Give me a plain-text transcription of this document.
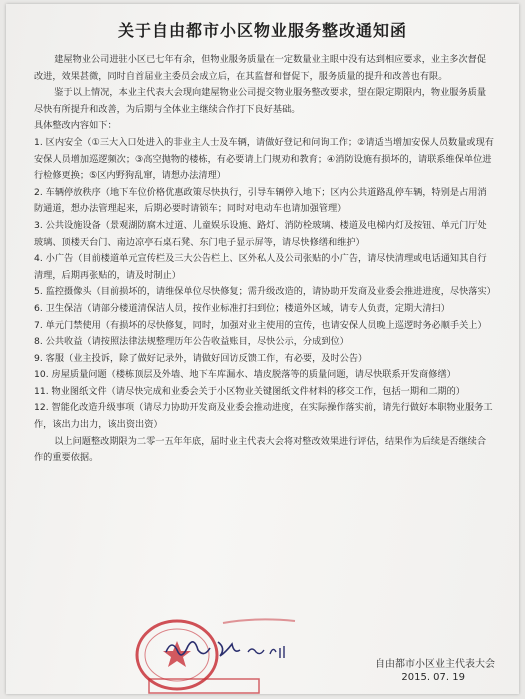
关于自由都市小区物业服务整改通知函

建屋物业公司进驻小区已七年有余，但物业服务质量在一定数量业主眼中没有达到相应要求，业主多次督促改进，效果甚微，同时自首届业主委员会成立后，在其监督和督促下，服务质量的提升和改善也有限。

鉴于以上情况，本业主代表大会现向建屋物业公司提交物业服务整改要求，望在限定期限内，物业服务质量尽快有所提升和改善，为后期与全体业主继续合作打下良好基础。

具体整改内容如下：

1. 区内安全（①三大入口处进入的非业主人士及车辆，请做好登记和问询工作；②请适当增加安保人员数量或现有安保人员增加巡逻频次；③高空抛物的楼栋，有必要请上门规劝和教育；④消防设施有损坏的，请联系维保单位进行检修更换；⑤区内野狗乱窜，请想办法清理）

2. 车辆停放秩序（地下车位价格优惠政策尽快执行，引导车辆停入地下；区内公共道路乱停车辆，特别是占用消防通道，想办法管理起来，后期必要时请锁车；同时对电动车也请加强管理）

3. 公共设施设备（景观湖防腐木过道、儿童娱乐设施、路灯、消防栓玻璃、楼道及电梯内灯及按钮、单元门厅处玻璃、顶楼天台门、南边凉亭石桌石凳、东门电子显示屏等，请尽快修缮和维护）

4. 小广告（目前楼道单元宣传栏及三大公告栏上、区外私人及公司张贴的小广告，请尽快清理或电话通知其自行清理，后期再张贴的，请及时制止）

5. 监控摄像头（目前损坏的，请维保单位尽快修复；需升级改造的，请协助开发商及业委会推进进度，尽快落实）

6. 卫生保洁（请部分楼道清保洁人员，按作业标准打扫到位；楼道外区域，请专人负责，定期大清扫）

7. 单元门禁使用（有损坏的尽快修复，同时，加强对业主使用的宣传，也请安保人员晚上巡逻时务必顺手关上）

8. 公共收益（请按照法律法规整理历年公告收益账目，尽快公示，分成到位）

9. 客服（业主投诉，除了做好记录外，请做好回访反馈工作，有必要，及时公告）

10. 房屋质量问题（楼栋顶层及外墙、地下车库漏水、墙皮脱落等的质量问题，请尽快联系开发商修缮）

11. 物业图纸文件（请尽快完成和业委会关于小区物业关键图纸文件材料的移交工作，包括一期和二期的）

12. 智能化改造升级事项（请尽力协助开发商及业委会推动进度，在实际操作落实前，请先行做好本职物业服务工作，该出力出力，该出资出资）

以上问题整改期限为二零一五年年底，届时业主代表大会将对整改效果进行评估，结果作为后续是否继续合作的重要依据。

自由都市小区业主代表大会
2015. 07. 19
